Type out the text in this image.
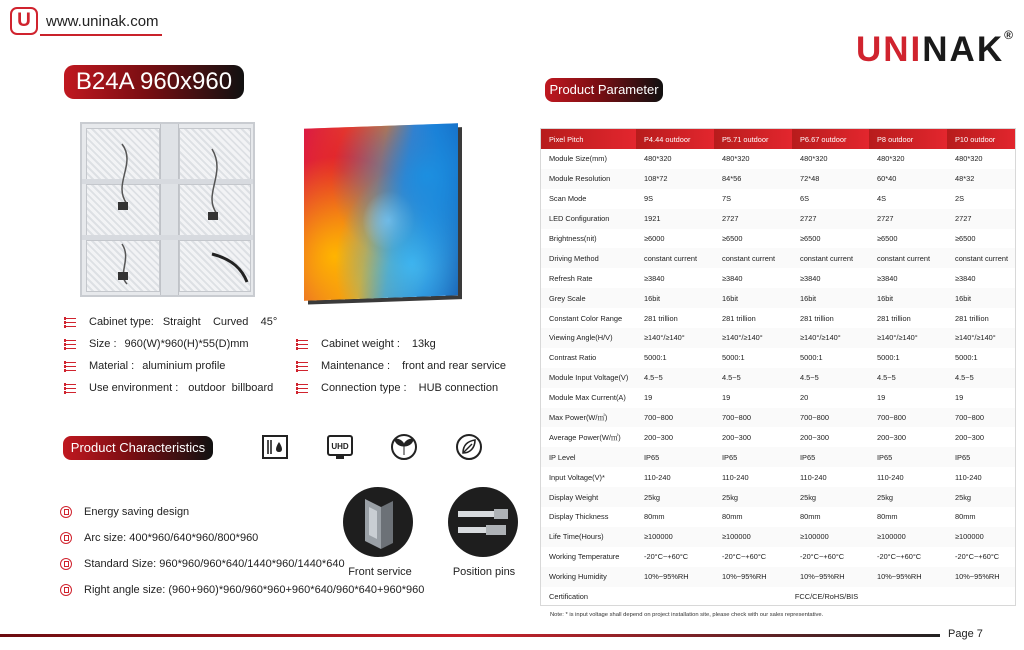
U	www.uninak.com
UNINAK®
B24A 960x960
Cabinet type: Straight    Curved    45°
Size : 960(W)*960(H)*55(D)mm
Material : aluminium profile
Use environment : outdoor  billboard
Cabinet weight : 13kg
Maintenance : front and rear service
Connection type : HUB connection
Product Characteristics	UHD
Energy saving design
Arc size: 400*960/640*960/800*960
Standard Size: 960*960/960*640/1440*960/1440*640
Right angle size: (960+960)*960/960*960+960*640/960*640+960*960
Front service	Position pins
Product Parameter
Pixel Pitch	P4.44 outdoor	P5.71 outdoor	P6.67 outdoor	P8 outdoor	P10 outdoor
Module Size(mm)	480*320	480*320	480*320	480*320	480*320
Module Resolution	108*72	84*56	72*48	60*40	48*32
Scan Mode	9S	7S	6S	4S	2S
LED Configuration	1921	2727	2727	2727	2727
Brightness(nit)	≥6000	≥6500	≥6500	≥6500	≥6500
Driving Method	constant current	constant current	constant current	constant current	constant current
Refresh Rate	≥3840	≥3840	≥3840	≥3840	≥3840
Grey Scale	16bit	16bit	16bit	16bit	16bit
Constant Color Range	281 trillion	281 trillion	281 trillion	281 trillion	281 trillion
Viewing Angle(H/V)	≥140°/≥140°	≥140°/≥140°	≥140°/≥140°	≥140°/≥140°	≥140°/≥140°
Contrast Ratio	5000:1	5000:1	5000:1	5000:1	5000:1
Module Input Voltage(V)	4.5~5	4.5~5	4.5~5	4.5~5	4.5~5
Module Max Current(A)	19	19	20	19	19
Max Power(W/㎡)	700~800	700~800	700~800	700~800	700~800
Average Power(W/㎡)	200~300	200~300	200~300	200~300	200~300
IP Level	IP65	IP65	IP65	IP65	IP65
Input Voltage(V)*	110-240	110-240	110-240	110-240	110-240
Display Weight	25kg	25kg	25kg	25kg	25kg
Display Thickness	80mm	80mm	80mm	80mm	80mm
Life Time(Hours)	≥100000	≥100000	≥100000	≥100000	≥100000
Working Temperature	-20°C~+60°C	-20°C~+60°C	-20°C~+60°C	-20°C~+60°C	-20°C~+60°C
Working Humidity	10%~95%RH	10%~95%RH	10%~95%RH	10%~95%RH	10%~95%RH
Certification	FCC/CE/RoHS/BIS				
Note: * is input voltage shall depend on project installation site, please check with our sales representative.
Page 7
